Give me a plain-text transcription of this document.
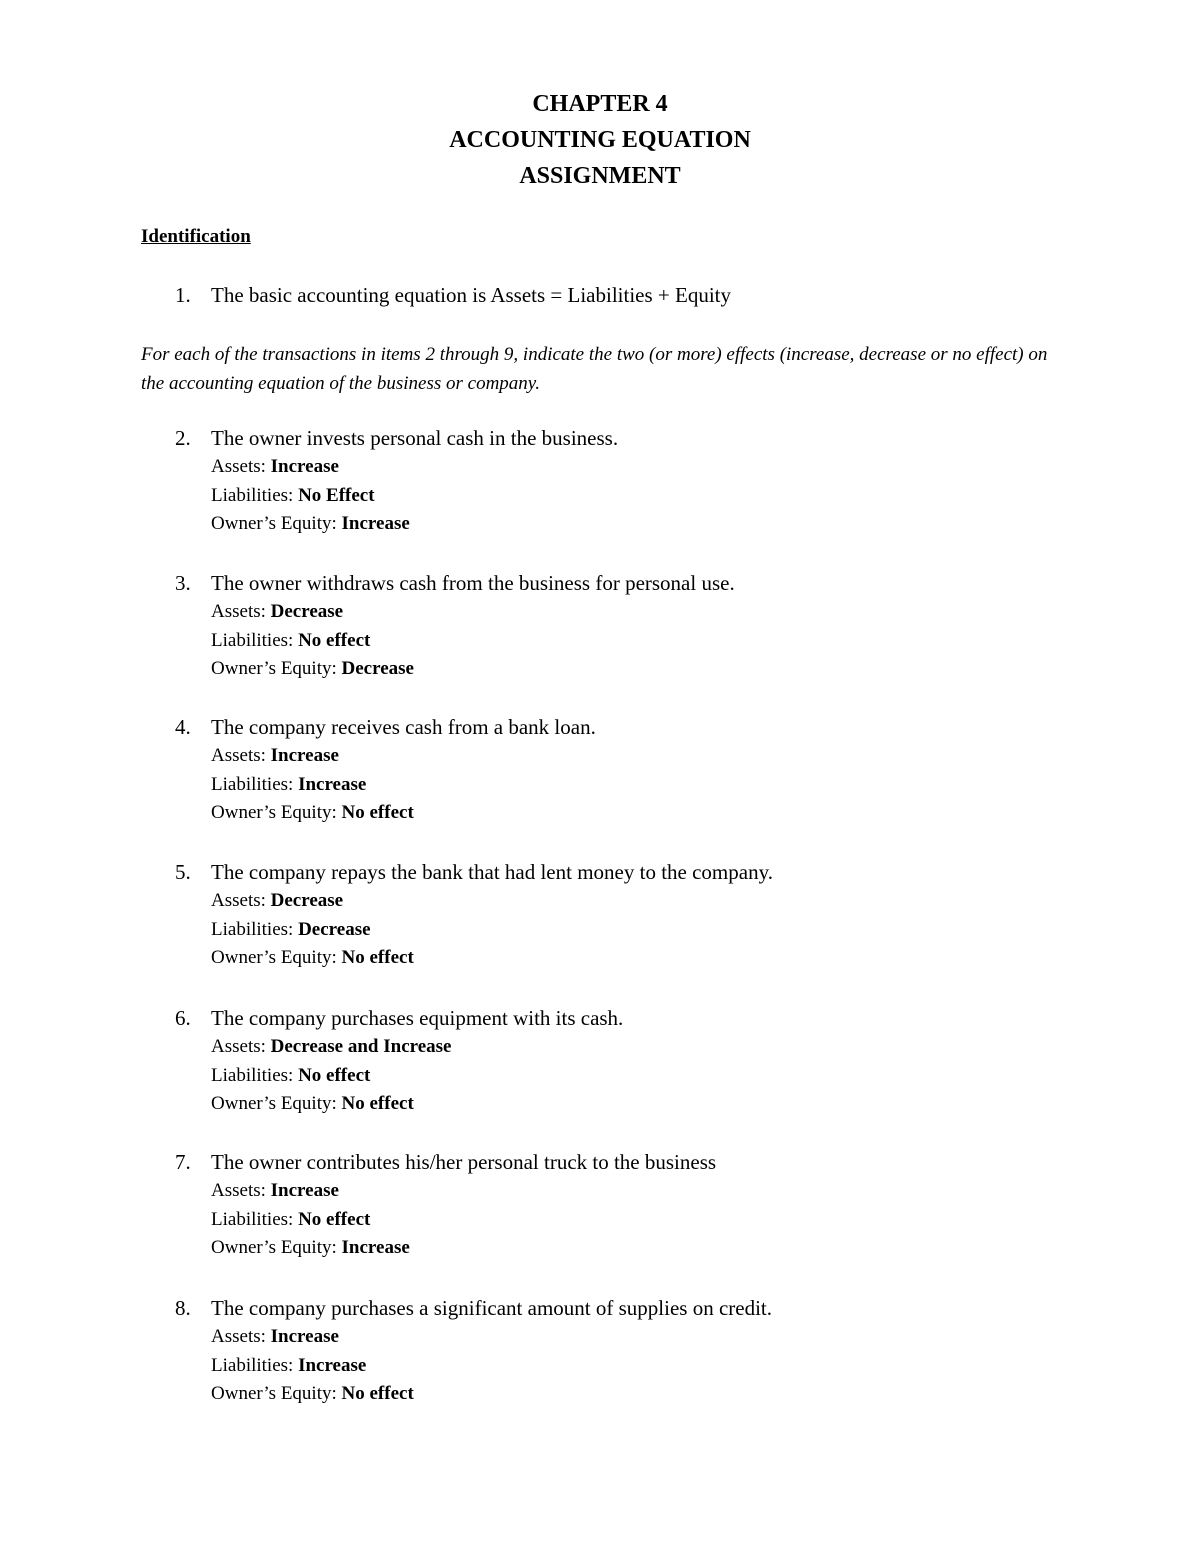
CHAPTER 4
ACCOUNTING EQUATION
ASSIGNMENT
Identification
1. The basic accounting equation is Assets = Liabilities + Equity
For each of the transactions in items 2 through 9, indicate the two (or more) effects (increase, decrease or no effect) on the accounting equation of the business or company.
2. The owner invests personal cash in the business.
Assets: Increase
Liabilities: No Effect
Owner’s Equity: Increase
3. The owner withdraws cash from the business for personal use.
Assets: Decrease
Liabilities: No effect
Owner’s Equity: Decrease
4. The company receives cash from a bank loan.
Assets: Increase
Liabilities: Increase
Owner’s Equity: No effect
5. The company repays the bank that had lent money to the company.
Assets: Decrease
Liabilities: Decrease
Owner’s Equity: No effect
6. The company purchases equipment with its cash.
Assets: Decrease and Increase
Liabilities: No effect
Owner’s Equity: No effect
7. The owner contributes his/her personal truck to the business
Assets: Increase
Liabilities: No effect
Owner’s Equity: Increase
8. The company purchases a significant amount of supplies on credit.
Assets: Increase
Liabilities: Increase
Owner’s Equity: No effect
